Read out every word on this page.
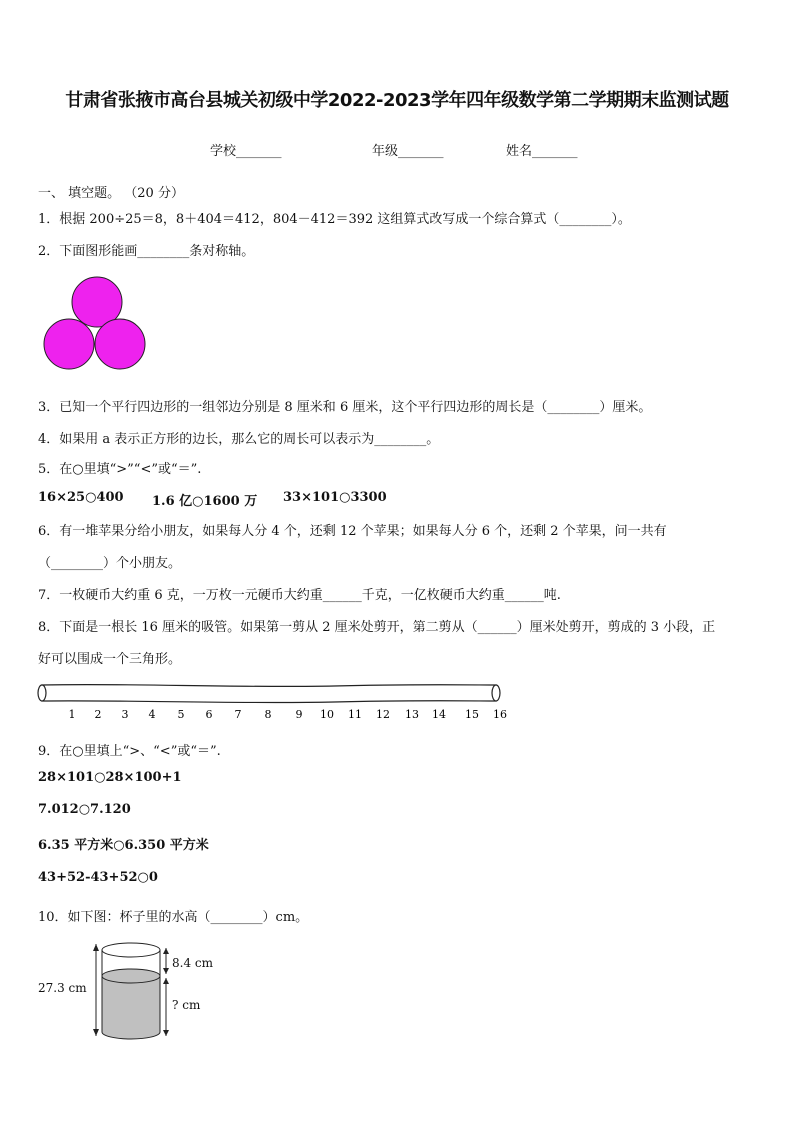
甘肃省张掖市高台县城关初级中学2022-2023学年四年级数学第二学期期末监测试题
学校_______	年级_______	姓名_______
一、 填空题。 （20 分）
1．根据 200÷25＝8，8＋404＝412，804－412＝392 这组算式改写成一个综合算式（________）。
2．下面图形能画________条对称轴。
3．已知一个平行四边形的一组邻边分别是 8 厘米和 6 厘米，这个平行四边形的周长是（________）厘米。
4．如果用 a 表示正方形的边长，那么它的周长可以表示为________。
5．在○里填“>”“<”或“＝”.
16×25○400 1.6 亿○1600 万 33×101○3300
6．有一堆苹果分给小朋友，如果每人分 4 个，还剩 12 个苹果；如果每人分 6 个，还剩 2 个苹果，问一共有
（________）个小朋友。
7．一枚硬币大约重 6 克，一万枚一元硬币大约重______千克，一亿枚硬币大约重______吨.
8．下面是一根长 16 厘米的吸管。如果第一剪从 2 厘米处剪开，第二剪从（______）厘米处剪开，剪成的 3 小段，正
好可以围成一个三角形。
1 2 3 4 5 6 7 8 9 10 11 12 13 14 15 16
9．在○里填上“>、“<”或“＝”.
28×101○28×100+1
7.012○7.120
6.35 平方米○6.350 平方米
43+52-43+52○0
10．如下图：杯子里的水高（________）cm。
27.3 cm
8.4 cm
? cm
